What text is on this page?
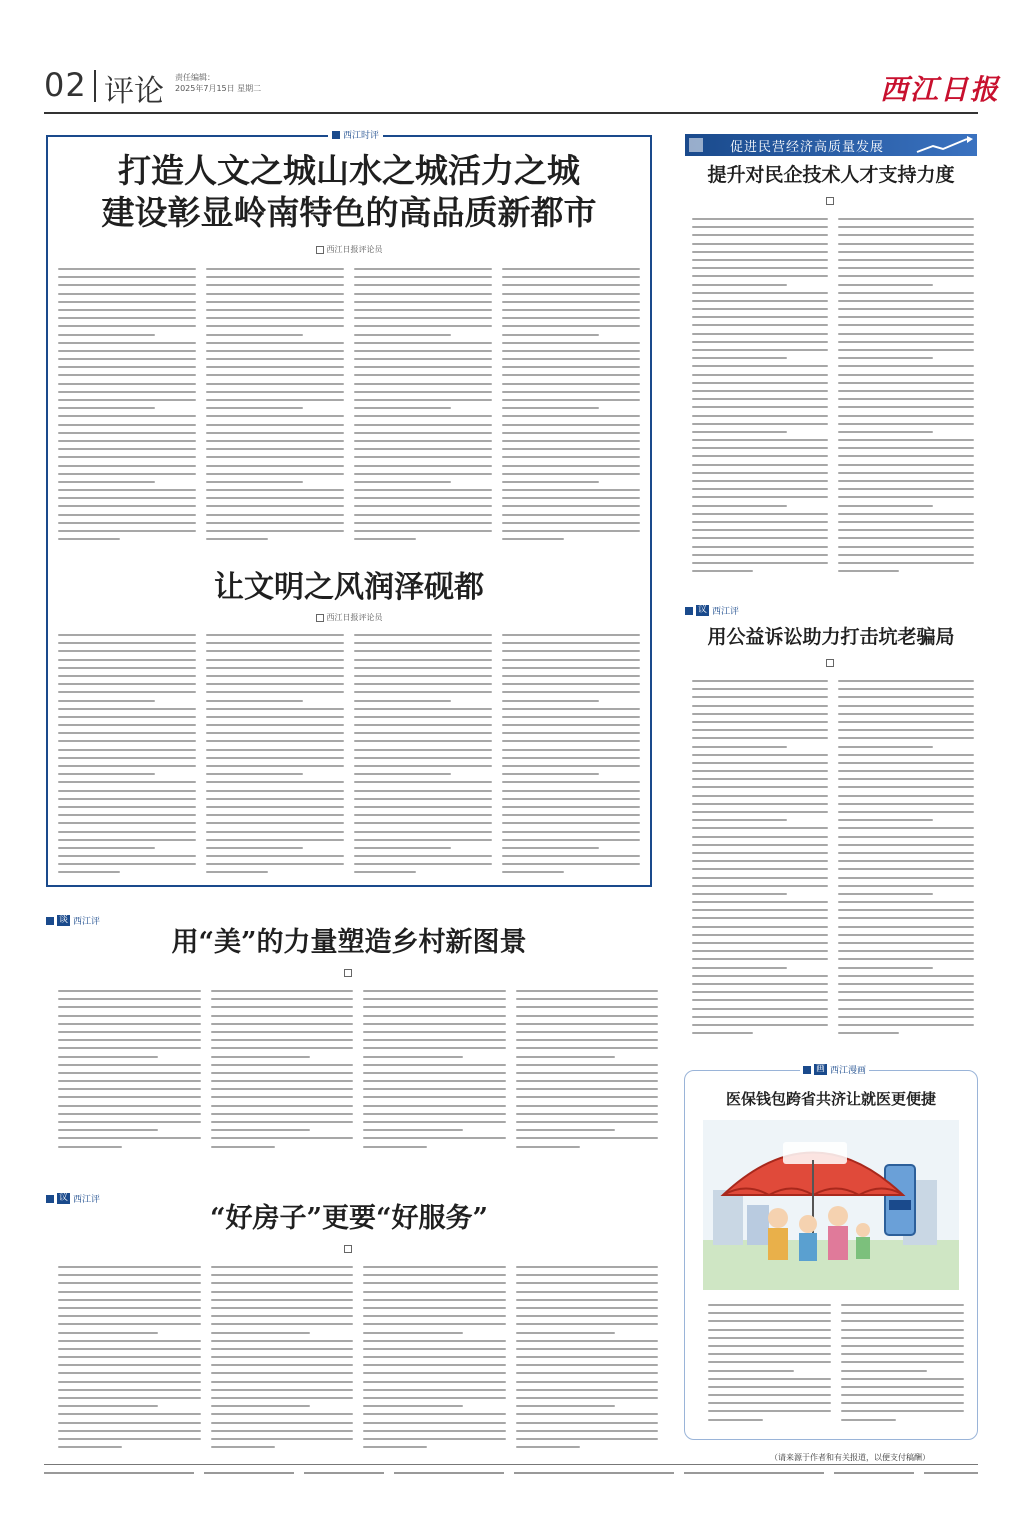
02 评论 责任编辑：
2025年7月15日 星期二	西江日报
西江时评
打造人文之城山水之城活力之城
建设彰显岭南特色的高品质新都市
西江日报评论员
让文明之风润泽砚都
西江日报评论员
谈 西江评
用“美”的力量塑造乡村新图景
议 西江评
“好房子”更要“好服务”
促进民营经济高质量发展
提升对民企技术人才支持力度
议 西江评
用公益诉讼助力打击坑老骗局
画 西江漫画
医保钱包跨省共济让就医更便捷
（请来源于作者和有关报道，以便支付稿酬）
